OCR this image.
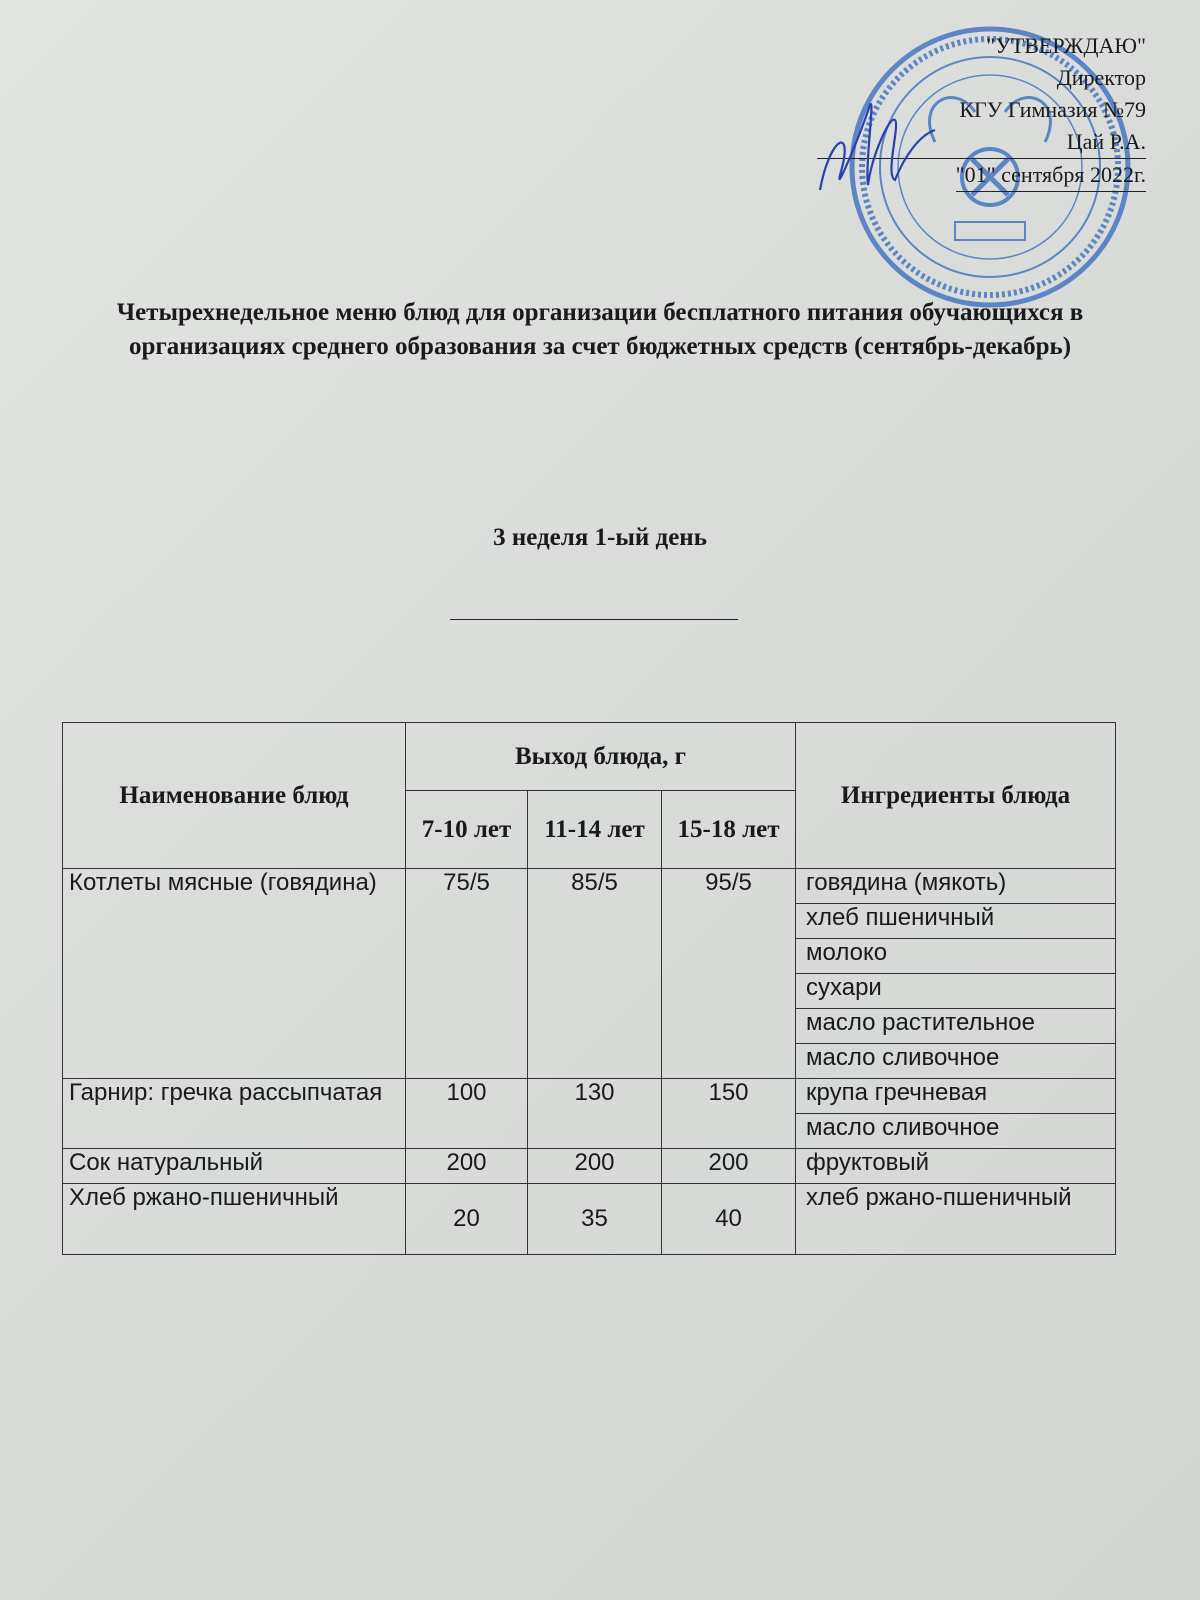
"УТВЕРЖДАЮ"
Директор
КГУ Гимназия №79
Цай Р.А.
"01" сентября 2022г.
Четырехнедельное меню блюд для организации бесплатного питания обучающихся в организациях среднего образования за счет бюджетных средств (сентябрь-декабрь)
3 неделя 1-ый день
Наименование блюд	Выход блюда, г			Ингредиенты блюда
	7-10 лет	11-14 лет	15-18 лет	
Котлеты мясные (говядина)	75/5	85/5	95/5	говядина (мякоть)
				хлеб пшеничный
				молоко
				сухари
				масло растительное
				масло сливочное
Гарнир: гречка рассыпчатая	100	130	150	крупа гречневая
				масло сливочное
Сок натуральный	200	200	200	фруктовый
Хлеб ржано-пшеничный	20	35	40	хлеб ржано-пшеничный
